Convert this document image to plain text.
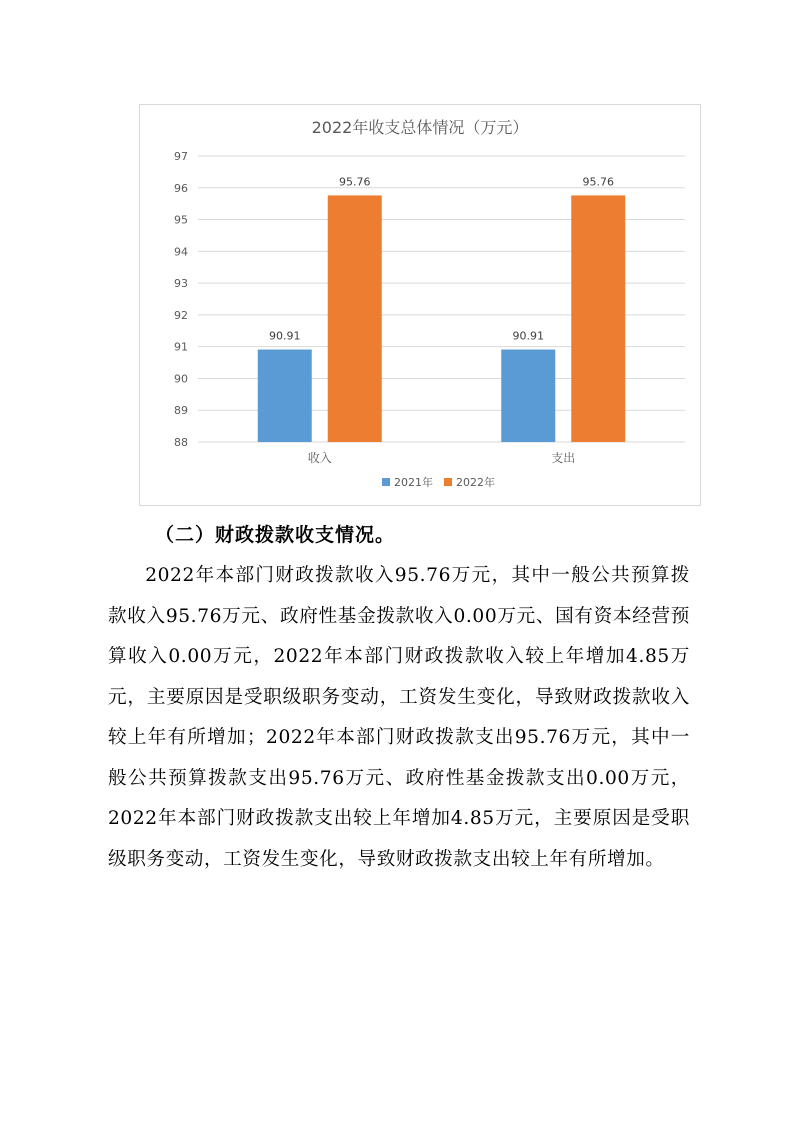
2022年收支总体情况（万元）
88
89
90
91
92
93
94
95
96
97
90.91
95.76
收入
90.91
95.76
支出
2021年 2022年
（二）财政拨款收支情况。

2022年本部门财政拨款收入95.76万元，其中一般公共预算拨款收入95.76万元、政府性基金拨款收入0.00万元、国有资本经营预算收入0.00万元，2022年本部门财政拨款收入较上年增加4.85万元，主要原因是受职级职务变动，工资发生变化，导致财政拨款收入较上年有所增加；2022年本部门财政拨款支出95.76万元，其中一般公共预算拨款支出95.76万元、政府性基金拨款支出0.00万元，2022年本部门财政拨款支出较上年增加4.85万元，主要原因是受职级职务变动，工资发生变化，导致财政拨款支出较上年有所增加。
